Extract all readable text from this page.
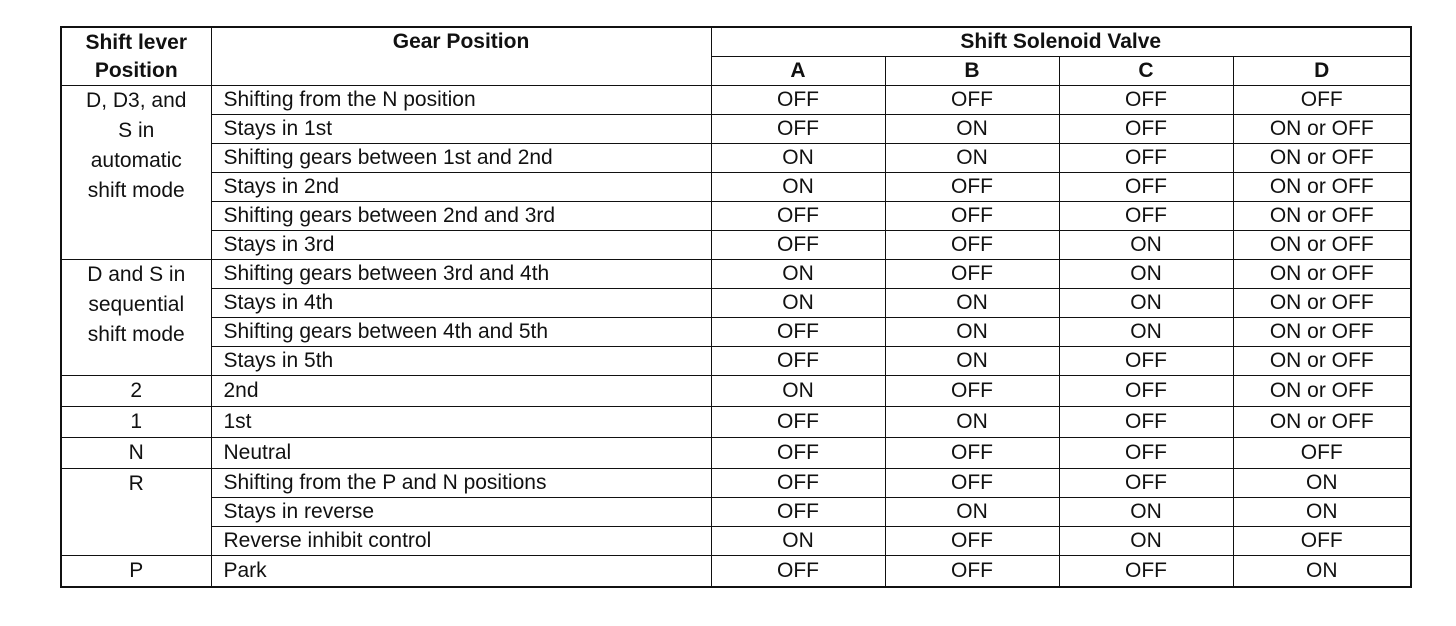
Shift lever
Position	Gear Position	Shift Solenoid Valve			
		A	B	C	D

D, D3, and
S in
automatic
shift mode	Shifting from the N position	OFF	OFF	OFF	OFF
	Stays in 1st	OFF	ON	OFF	ON or OFF
	Shifting gears between 1st and 2nd	ON	ON	OFF	ON or OFF
	Stays in 2nd	ON	OFF	OFF	ON or OFF
	Shifting gears between 2nd and 3rd	OFF	OFF	OFF	ON or OFF
	Stays in 3rd	OFF	OFF	ON	ON or OFF

D and S in
sequential
shift mode	Shifting gears between 3rd and 4th	ON	OFF	ON	ON or OFF
	Stays in 4th	ON	ON	ON	ON or OFF
	Shifting gears between 4th and 5th	OFF	ON	ON	ON or OFF
	Stays in 5th	OFF	ON	OFF	ON or OFF

2	2nd	ON	OFF	OFF	ON or OFF

1	1st	OFF	ON	OFF	ON or OFF

N	Neutral	OFF	OFF	OFF	OFF

R	Shifting from the P and N positions	OFF	OFF	OFF	ON
	Stays in reverse	OFF	ON	ON	ON
	Reverse inhibit control	ON	OFF	ON	OFF

P	Park	OFF	OFF	OFF	ON
